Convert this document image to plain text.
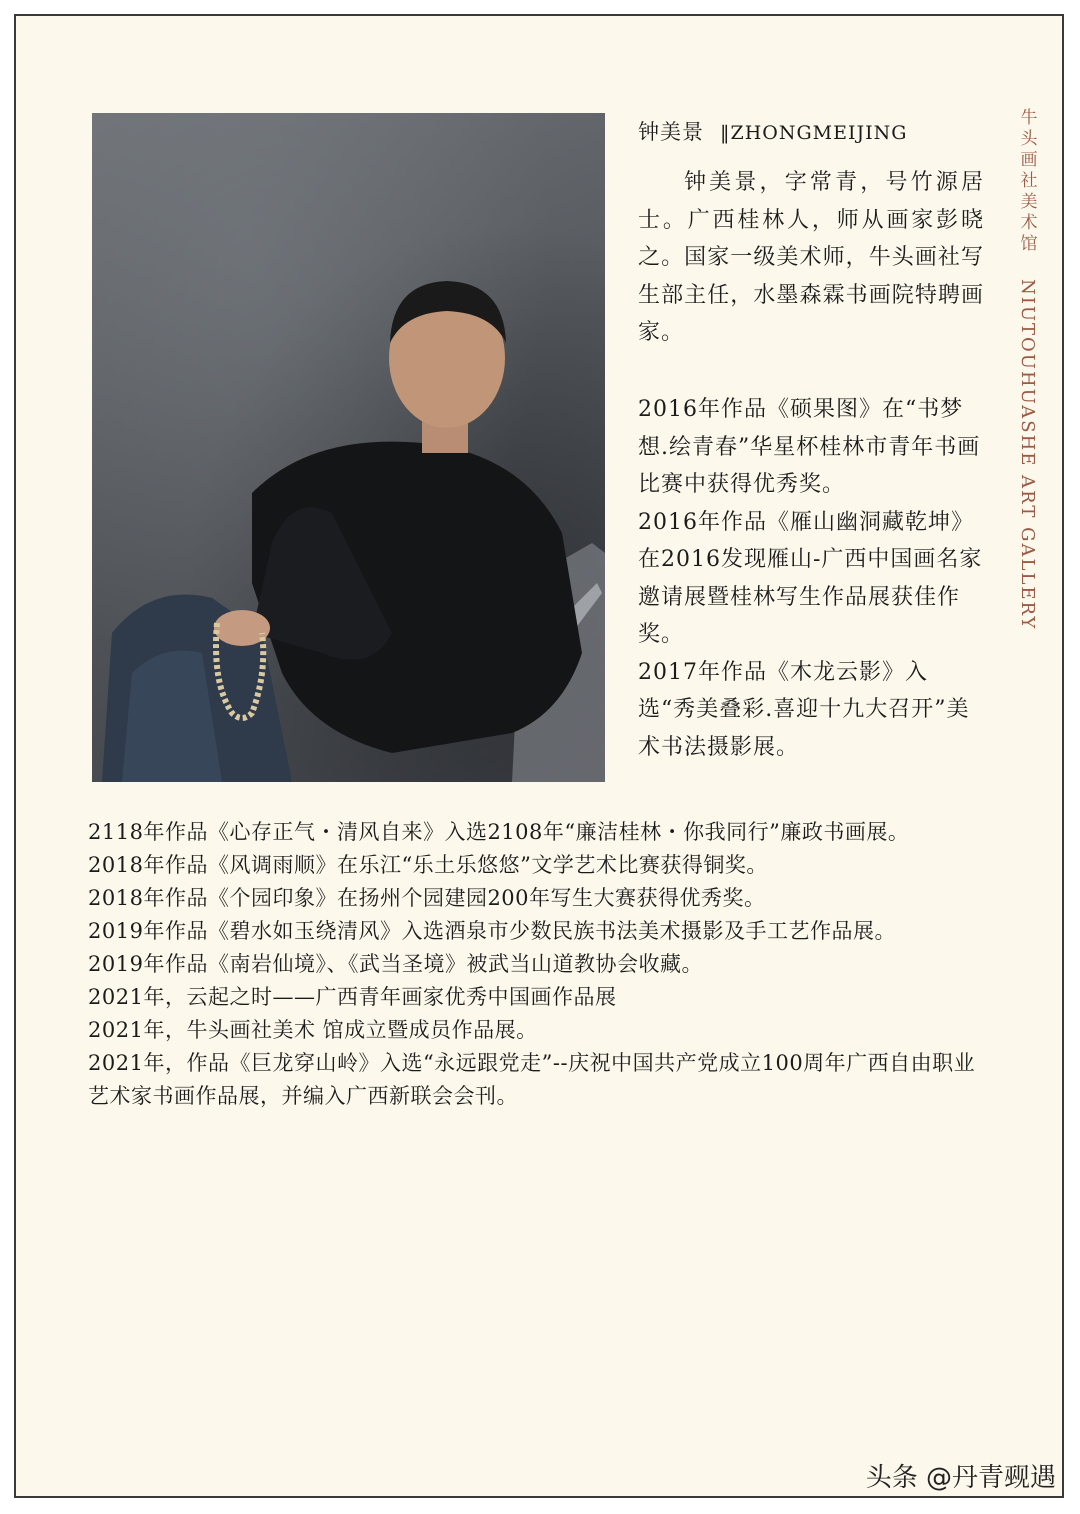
钟美景 ‖ZHONGMEIJING

钟美景，字常青，号竹源居士。广西桂林人，师从画家彭晓之。国家一级美术师，牛头画社写生部主任，水墨森霖书画院特聘画家。

2016年作品《硕果图》在“书梦想.绘青春”华星杯桂林市青年书画比赛中获得优秀奖。
2016年作品《雁山幽洞藏乾坤》在2016发现雁山-广西中国画名家邀请展暨桂林写生作品展获佳作奖。
2017年作品《木龙云影》入选“秀美叠彩.喜迎十九大召开”美术书法摄影展。
2118年作品《心存正气・清风自来》入选2108年“廉洁桂林・你我同行”廉政书画展。
2018年作品《风调雨顺》在乐江“乐土乐悠悠”文学艺术比赛获得铜奖。
2018年作品《个园印象》在扬州个园建园200年写生大赛获得优秀奖。
2019年作品《碧水如玉绕清风》入选酒泉市少数民族书法美术摄影及手工艺作品展。
2019年作品《南岩仙境》、《武当圣境》被武当山道教协会收藏。
2021年，云起之时——广西青年画家优秀中国画作品展
2021年，牛头画社美术 馆成立暨成员作品展。
2021年，作品《巨龙穿山岭》入选“永远跟党走”--庆祝中国共产党成立100周年广西自由职业艺术家书画作品展，并编入广西新联会会刊。
牛
头
画
社
美
术
馆
NIUTOUHUASHE ART GALLERY
头条 @丹青觋遇
